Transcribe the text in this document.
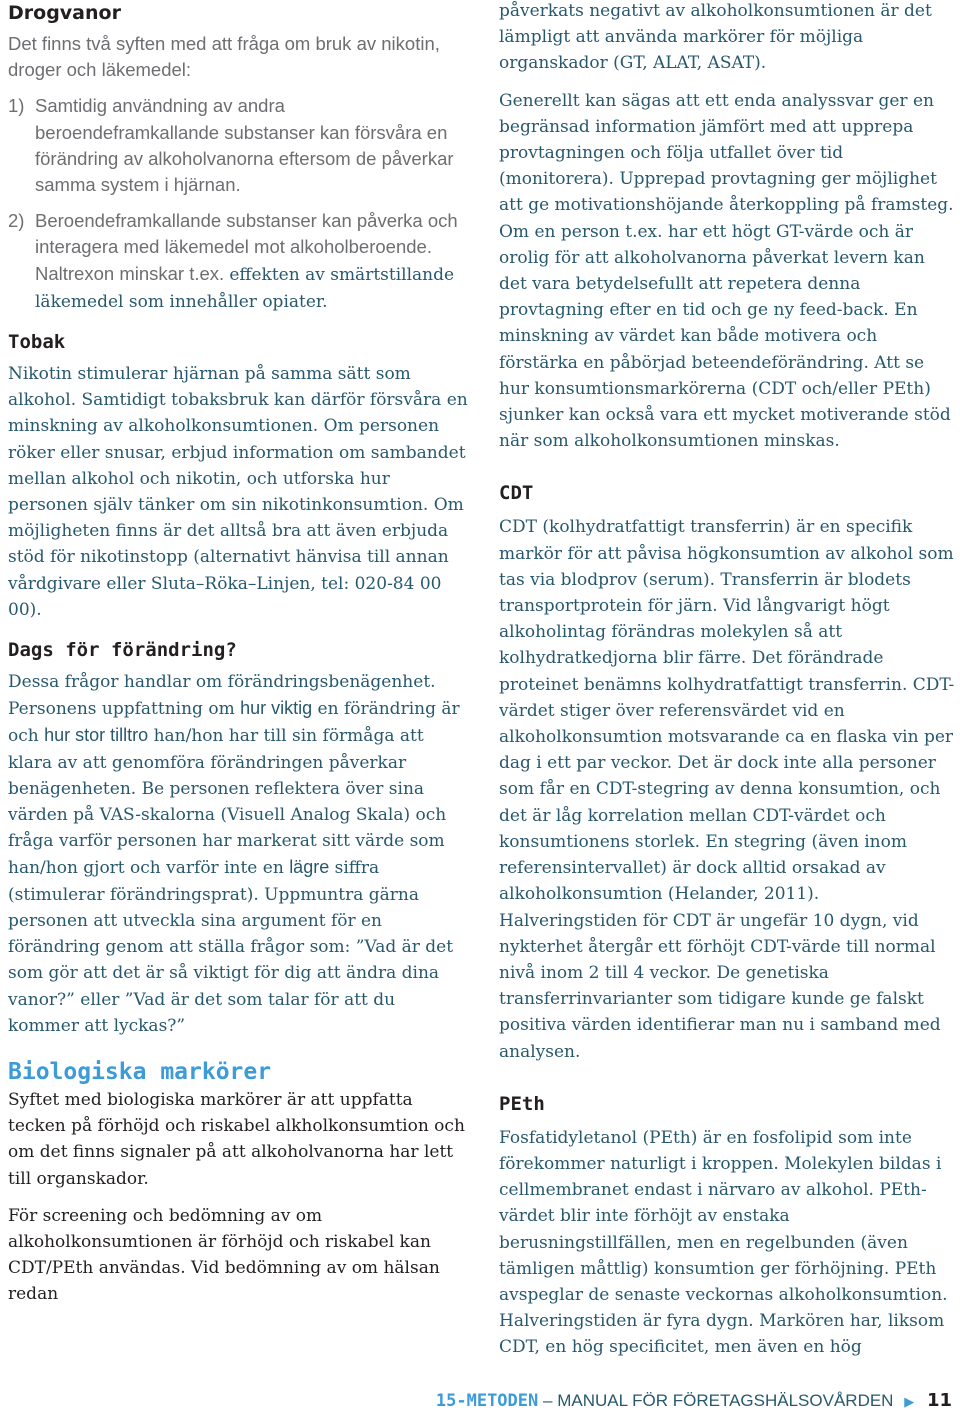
Drogvanor

Det finns två syften med att fråga om bruk av nikotin, droger och läkemedel:

1) Samtidig användning av andra beroendeframkallande substanser kan försvåra en förändring av alkoholvanorna eftersom de påverkar samma system i hjärnan.
2) Beroendeframkallande substanser kan påverka och interagera med läkemedel mot alkoholberoende. Naltrexon minskar t.ex. effekten av smärtstillande läkemedel som innehåller opiater.
Tobak

Nikotin stimulerar hjärnan på samma sätt som alkohol. Samtidigt tobaksbruk kan därför försvåra en minskning av alkoholkonsumtionen. Om personen röker eller snusar, erbjud information om sambandet mellan alkohol och nikotin, och utforska hur personen själv tänker om sin nikotinkonsumtion. Om möjligheten finns är det alltså bra att även erbjuda stöd för nikotinstopp (alternativt hänvisa till annan vårdgivare eller Sluta–Röka–Linjen, tel: 020-84 00 00).

Dags för förändring?

Dessa frågor handlar om förändringsbenägenhet. Personens uppfattning om hur viktig en förändring är och hur stor tilltro han/hon har till sin förmåga att klara av att genomföra förändringen påverkar benägenheten. Be personen reflektera över sina värden på VAS-skalorna (Visuell Analog Skala) och fråga varför personen har markerat sitt värde som han/hon gjort och varför inte en lägre siffra (stimulerar förändringsprat). Uppmuntra gärna personen att utveckla sina argument för en förändring genom att ställa frågor som: ”Vad är det som gör att det är så viktigt för dig att ändra dina vanor?” eller ”Vad är det som talar för att du kommer att lyckas?”

Biologiska markörer

Syftet med biologiska markörer är att uppfatta tecken på förhöjd och riskabel alkholkonsumtion och om det finns signaler på att alkoholvanorna har lett till organskador.

För screening och bedömning av om alkoholkonsumtionen är förhöjd och riskabel kan CDT/PEth användas. Vid bedömning av om hälsan redan

påverkats negativt av alkoholkonsumtionen är det lämpligt att använda markörer för möjliga organskador (GT, ALAT, ASAT).

Generellt kan sägas att ett enda analyssvar ger en begränsad information jämfört med att upprepa provtagningen och följa utfallet över tid (monitorera). Upprepad provtagning ger möjlighet att ge motivationshöjande återkoppling på framsteg. Om en person t.ex. har ett högt GT-värde och är orolig för att alkoholvanorna påverkat levern kan det vara betydelsefullt att repetera denna provtagning efter en tid och ge ny feed-back. En minskning av värdet kan både motivera och förstärka en påbörjad beteendeförändring. Att se hur konsumtionsmarkörerna (CDT och/eller PEth) sjunker kan också vara ett mycket motiverande stöd när som alkoholkonsumtionen minskas.

CDT

CDT (kolhydratfattigt transferrin) är en specifik markör för att påvisa högkonsumtion av alkohol som tas via blodprov (serum). Transferrin är blodets transportprotein för järn. Vid långvarigt högt alkoholintag förändras molekylen så att kolhydratkedjorna blir färre. Det förändrade proteinet benämns kolhydratfattigt transferrin. CDT-värdet stiger över referensvärdet vid en alkoholkonsumtion motsvarande ca en flaska vin per dag i ett par veckor. Det är dock inte alla personer som får en CDT-stegring av denna konsumtion, och det är låg korrelation mellan CDT-värdet och konsumtionens storlek. En stegring (även inom referensintervallet) är dock alltid orsakad av alkoholkonsumtion (Helander, 2011). Halveringstiden för CDT är ungefär 10 dygn, vid nykterhet återgår ett förhöjt CDT-värde till normal nivå inom 2 till 4 veckor. De genetiska transferrinvarianter som tidigare kunde ge falskt positiva värden identifierar man nu i samband med analysen.

PEth

Fosfatidyletanol (PEth) är en fosfolipid som inte förekommer naturligt i kroppen. Molekylen bildas i cellmembranet endast i närvaro av alkohol. PEth-värdet blir inte förhöjt av enstaka berusningstillfällen, men en regelbunden (även tämligen måttlig) konsumtion ger förhöjning. PEth avspeglar de senaste veckornas alkoholkonsumtion. Halveringstiden är fyra dygn. Markören har, liksom CDT, en hög specificitet, men även en hög

15-METODEN – MANUAL FÖR FÖRETAGSHÄLSOVÅRDEN ▶ 11
